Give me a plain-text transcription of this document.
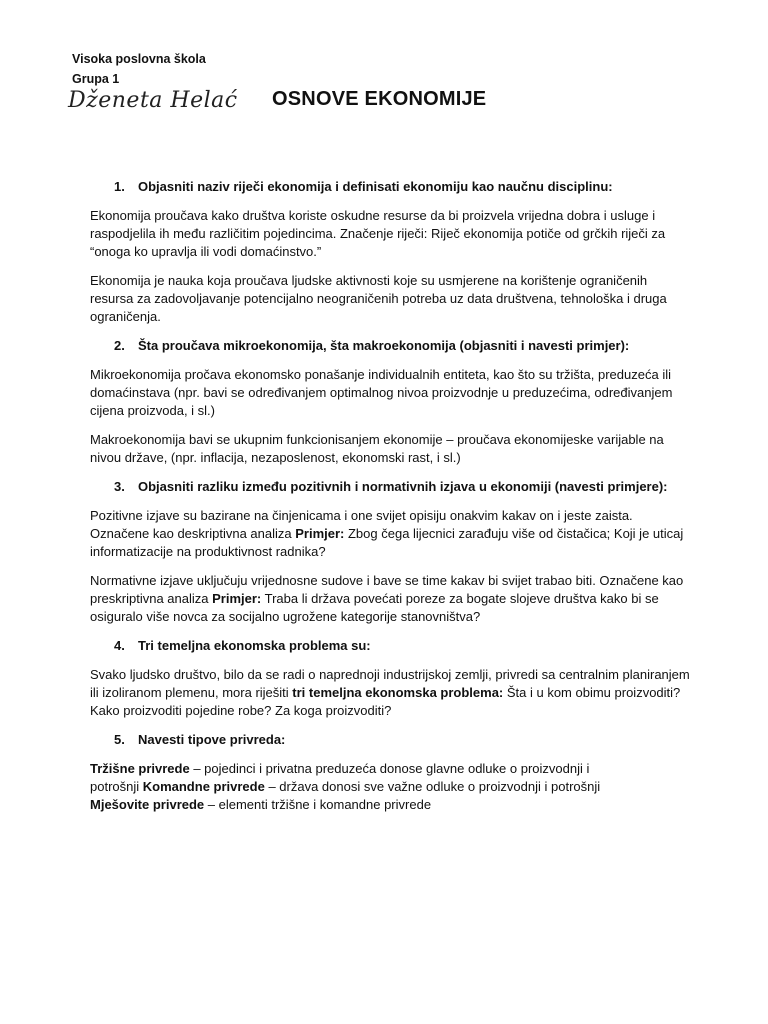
Visoka poslovna škola
Grupa 1
Dženeta Helać OSNOVE EKONOMIJE
1.	Objasniti naziv riječi ekonomija i definisati ekonomiju kao naučnu disciplinu:

Ekonomija proučava kako društva koriste oskudne resurse da bi proizvela vrijedna dobra i usluge i raspodjelila ih među različitim pojedincima. Značenje riječi: Riječ ekonomija potiče od grčkih riječi za “onoga ko upravlja ili vodi domaćinstvo.”

Ekonomija je nauka koja proučava ljudske aktivnosti koje su usmjerene na korištenje ograničenih resursa za zadovoljavanje potencijalno neograničenih potreba uz data društvena, tehnološka i druga ograničenja.

2.	Šta proučava mikroekonomija, šta makroekonomija (objasniti i navesti primjer):

Mikroekonomija pročava ekonomsko ponašanje individualnih entiteta, kao što su tržišta, preduzeća ili domaćinstava (npr. bavi se određivanjem optimalnog nivoa proizvodnje u preduzećima, određivanjem cijena proizvoda, i sl.)

Makroekonomija bavi se ukupnim funkcionisanjem ekonomije – proučava ekonomijeske varijable na nivou države, (npr. inflacija, nezaposlenost, ekonomski rast, i sl.)

3.	Objasniti razliku između pozitivnih i normativnih izjava u ekonomiji (navesti primjere):

Pozitivne izjave su bazirane na činjenicama i one svijet opisiju onakvim kakav on i jeste zaista. Označene kao deskriptivna analiza Primjer: Zbog čega lijecnici zarađuju više od čistačica; Koji je uticaj informatizacije na produktivnost radnika?

Normativne izjave uključuju vrijednosne sudove i bave se time kakav bi svijet trabao biti. Označene kao preskriptivna analiza Primjer: Traba li država povećati poreze za bogate slojeve društva kako bi se osiguralo više novca za socijalno ugrožene kategorije stanovništva?

4.	Tri temeljna ekonomska problema su:

Svako ljudsko društvo, bilo da se radi o naprednoji industrijskoj zemlji, privredi sa centralnim planiranjem ili izoliranom plemenu, mora riješiti tri temeljna ekonomska problema: Šta i u kom obimu proizvoditi? Kako proizvoditi pojedine robe? Za koga proizvoditi?

5.	Navesti tipove privreda:
Tržišne privrede – pojedinci i privatna preduzeća donose glavne odluke o proizvodnji i
potrošnji Komandne privrede – država donosi sve važne odluke o proizvodnji i potrošnji
Mješovite privrede – elementi tržišne i komandne privrede
